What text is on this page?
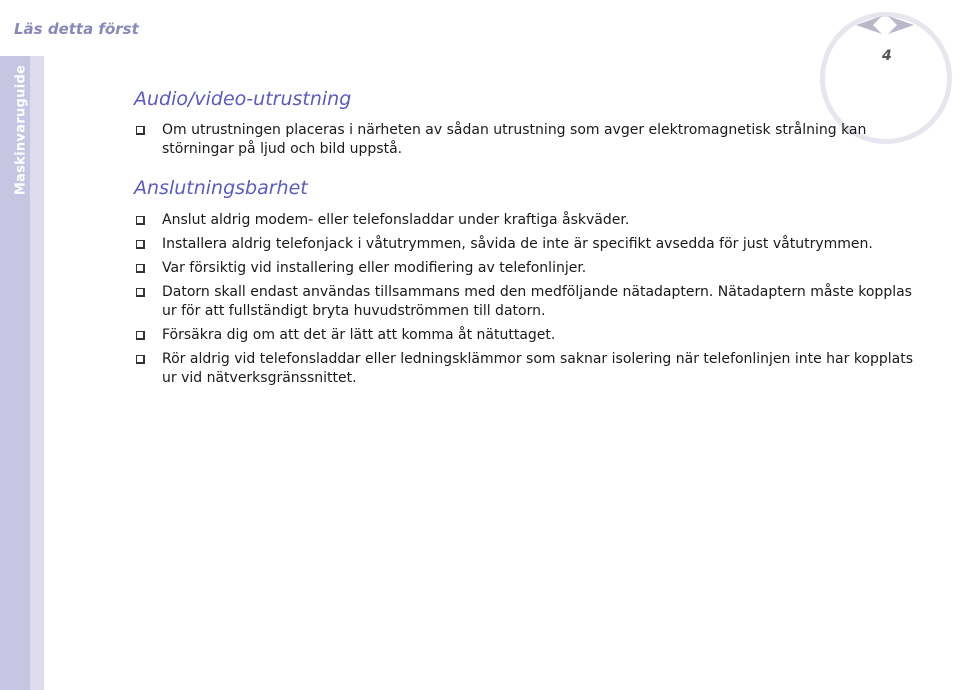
Läs detta först
Maskinvaruguide
4
Audio/video-utrustning
Om utrustningen placeras i närheten av sådan utrustning som avger elektromagnetisk strålning kan störningar på ljud och bild uppstå.
Anslutningsbarhet
Anslut aldrig modem- eller telefonsladdar under kraftiga åskväder.
Installera aldrig telefonjack i våtutrymmen, såvida de inte är specifikt avsedda för just våtutrymmen.
Var försiktig vid installering eller modifiering av telefonlinjer.
Datorn skall endast användas tillsammans med den medföljande nätadaptern. Nätadaptern måste kopplas ur för att fullständigt bryta huvudströmmen till datorn.
Försäkra dig om att det är lätt att komma åt nätuttaget.
Rör aldrig vid telefonsladdar eller ledningsklämmor som saknar isolering när telefonlinjen inte har kopplats ur vid nätverksgränssnittet.
